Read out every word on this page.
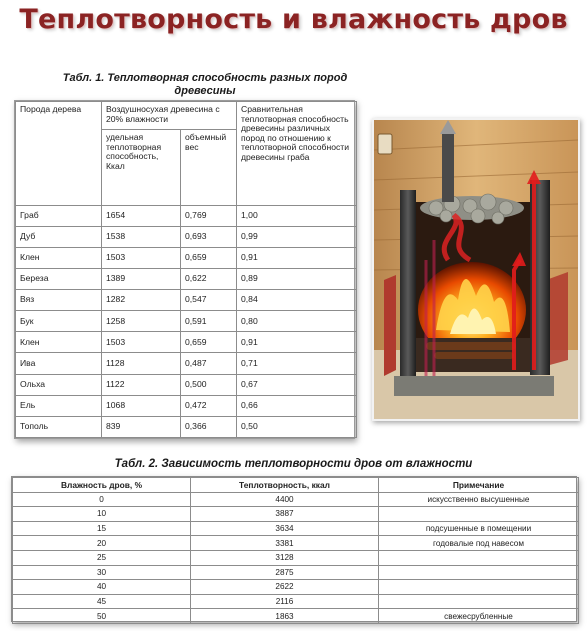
Теплотворность и влажность дров
Табл. 1. Теплотворная способность разных пород древесины
Порода дерева	Воздушносухая древесина с 20% влажности		Сравнительная теплотворная способность древесины различных пород по отношению к теплотворной способности древесины граба
	удельная теплотворная способность, Ккал	объемный вес	
Граб	1654	0,769	1,00
Дуб	1538	0,693	0,99
Клен	1503	0,659	0,91
Береза	1389	0,622	0,89
Вяз	1282	0,547	0,84
Бук	1258	0,591	0,80
Клен	1503	0,659	0,91
Ива	1128	0,487	0,71
Ольха	1122	0,500	0,67
Ель	1068	0,472	0,66
Тополь	839	0,366	0,50
Табл. 2. Зависимость теплотворности дров от влажности
Влажность дров, %	Теплотворность, ккал	Примечание
0	4400	искусственно высушенные
10	3887	
15	3634	подсушенные в помещении
20	3381	годовалые под навесом
25	3128	
30	2875	
40	2622	
45	2116	
50	1863	свежесрубленные
